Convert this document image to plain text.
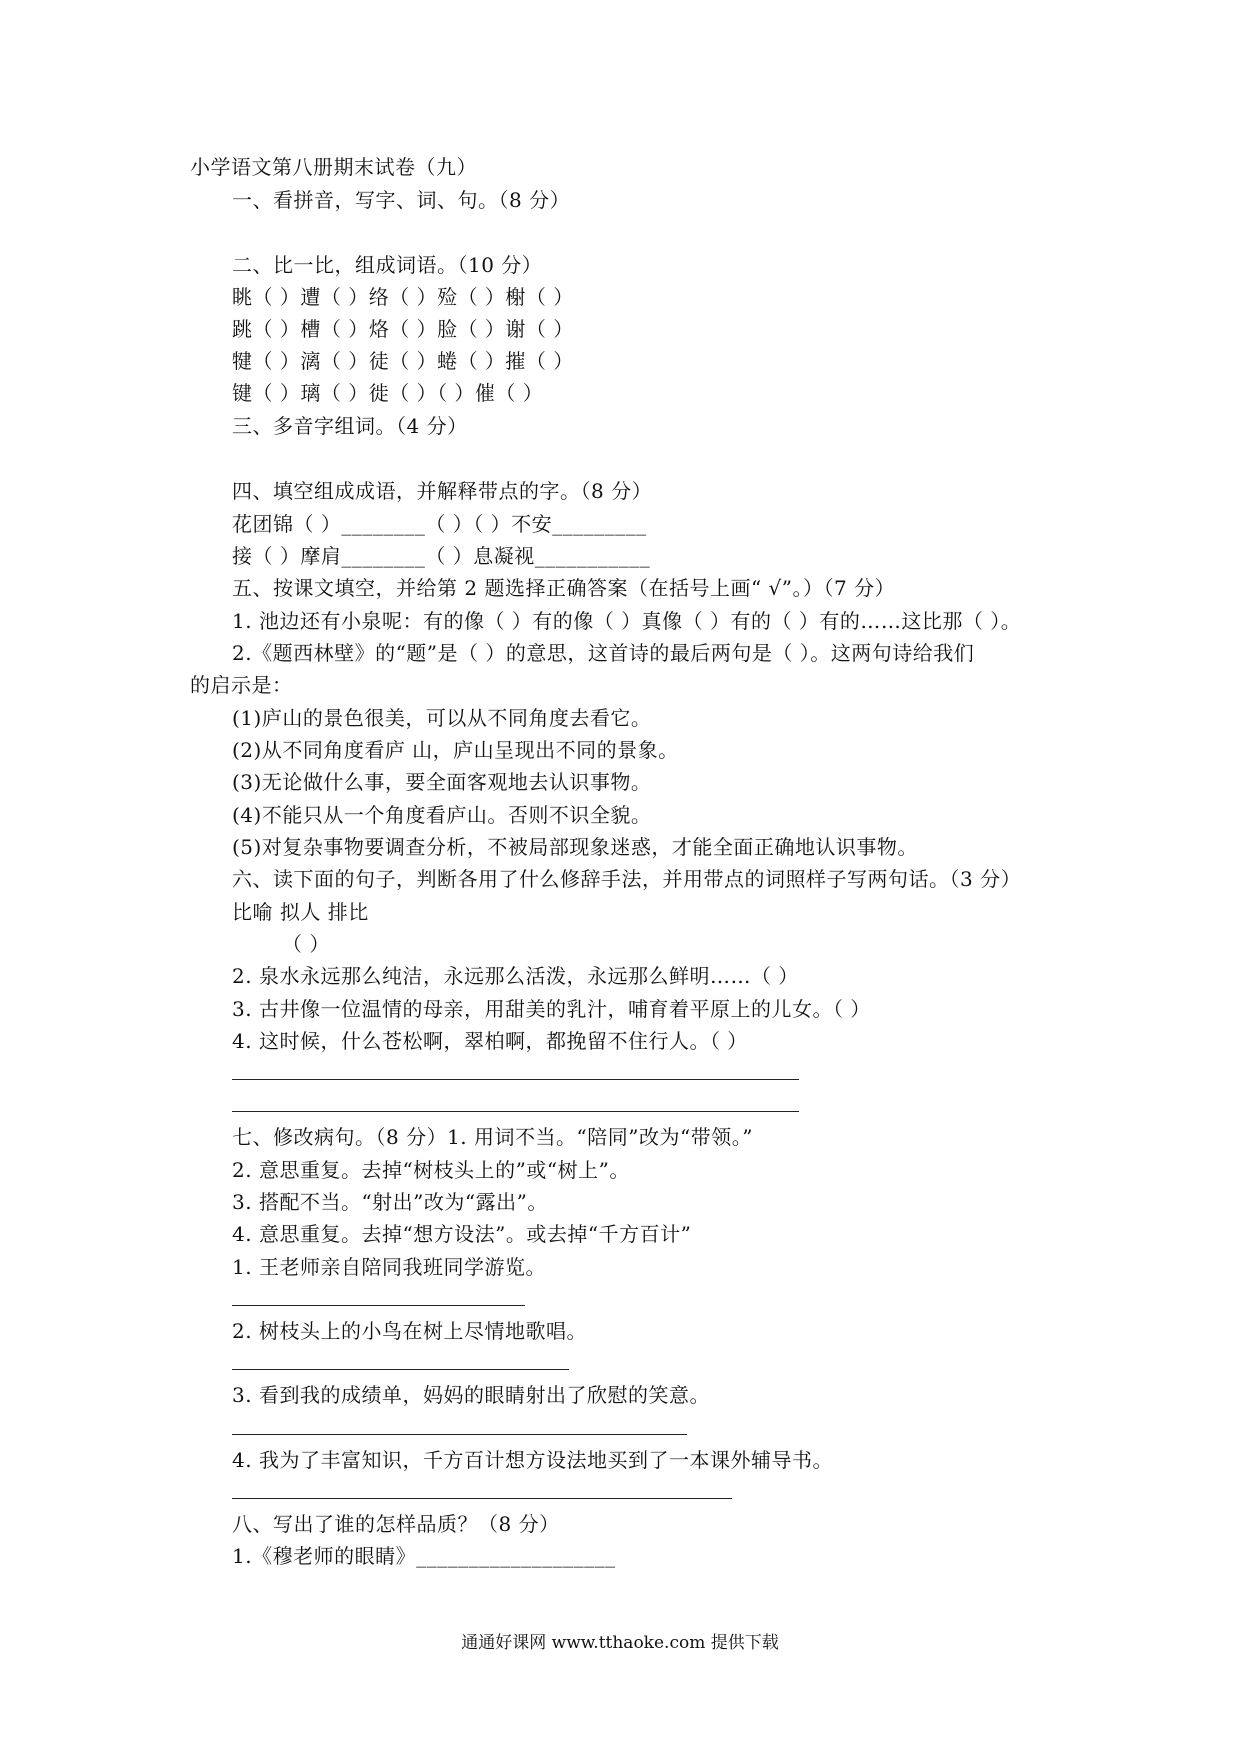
小学语文第八册期末试卷（九）
一、看拼音，写字、词、句。（8 分）
二、比一比，组成词语。（10 分）
眺（ ）遭（ ）络（ ）殓（ ）榭（ ）
跳（ ）槽（ ）烙（ ）脸（ ）谢（ ）
犍（ ）漓（ ）徒（ ）蜷（ ）摧（ ）
键（ ）璃（ ）徙（ ）（ ）催（ ）
三、多音字组词。（4 分）
四、填空组成成语，并解释带点的字。（8 分）
花团锦（ ）________（ ）（ ）不安_________
接（ ）摩肩________（ ）息凝视___________
五、按课文填空，并给第 2 题选择正确答案（在括号上画“ √”。）（7 分）
1. 池边还有小泉呢：有的像（ ）有的像（ ）真像（ ）有的（ ）有的……这比那（ ）。
2.《题西林壁》的“题”是（ ）的意思，这首诗的最后两句是（ ）。这两句诗给我们
的启示是：
(1)庐山的景色很美，可以从不同角度去看它。
(2)从不同角度看庐 山，庐山呈现出不同的景象。
(3)无论做什么事，要全面客观地去认识事物。
(4)不能只从一个角度看庐山。否则不识全貌。
(5)对复杂事物要调查分析，不被局部现象迷惑，才能全面正确地认识事物。
六、读下面的句子，判断各用了什么修辞手法，并用带点的词照样子写两句话。（3 分）
比喻 拟人 排比
（ ）
2. 泉水永远那么纯洁，永远那么活泼，永远那么鲜明……（ ）
3. 古井像一位温情的母亲，用甜美的乳汁，哺育着平原上的儿女。（ ）
4. 这时候，什么苍松啊，翠柏啊，都挽留不住行人。（ ）
七、修改病句。（8 分）1. 用词不当。“陪同”改为“带领。”
2. 意思重复。去掉“树枝头上的”或“树上”。
3. 搭配不当。“射出”改为“露出”。
4. 意思重复。去掉“想方设法”。或去掉“千方百计”
1. 王老师亲自陪同我班同学游览。
2. 树枝头上的小鸟在树上尽情地歌唱。
3. 看到我的成绩单，妈妈的眼睛射出了欣慰的笑意。
4. 我为了丰富知识，千方百计想方设法地买到了一本课外辅导书。
八、写出了谁的怎样品质？（8 分）
1.《穆老师的眼睛》___________________
通通好课网 www.tthaoke.com 提供下载
